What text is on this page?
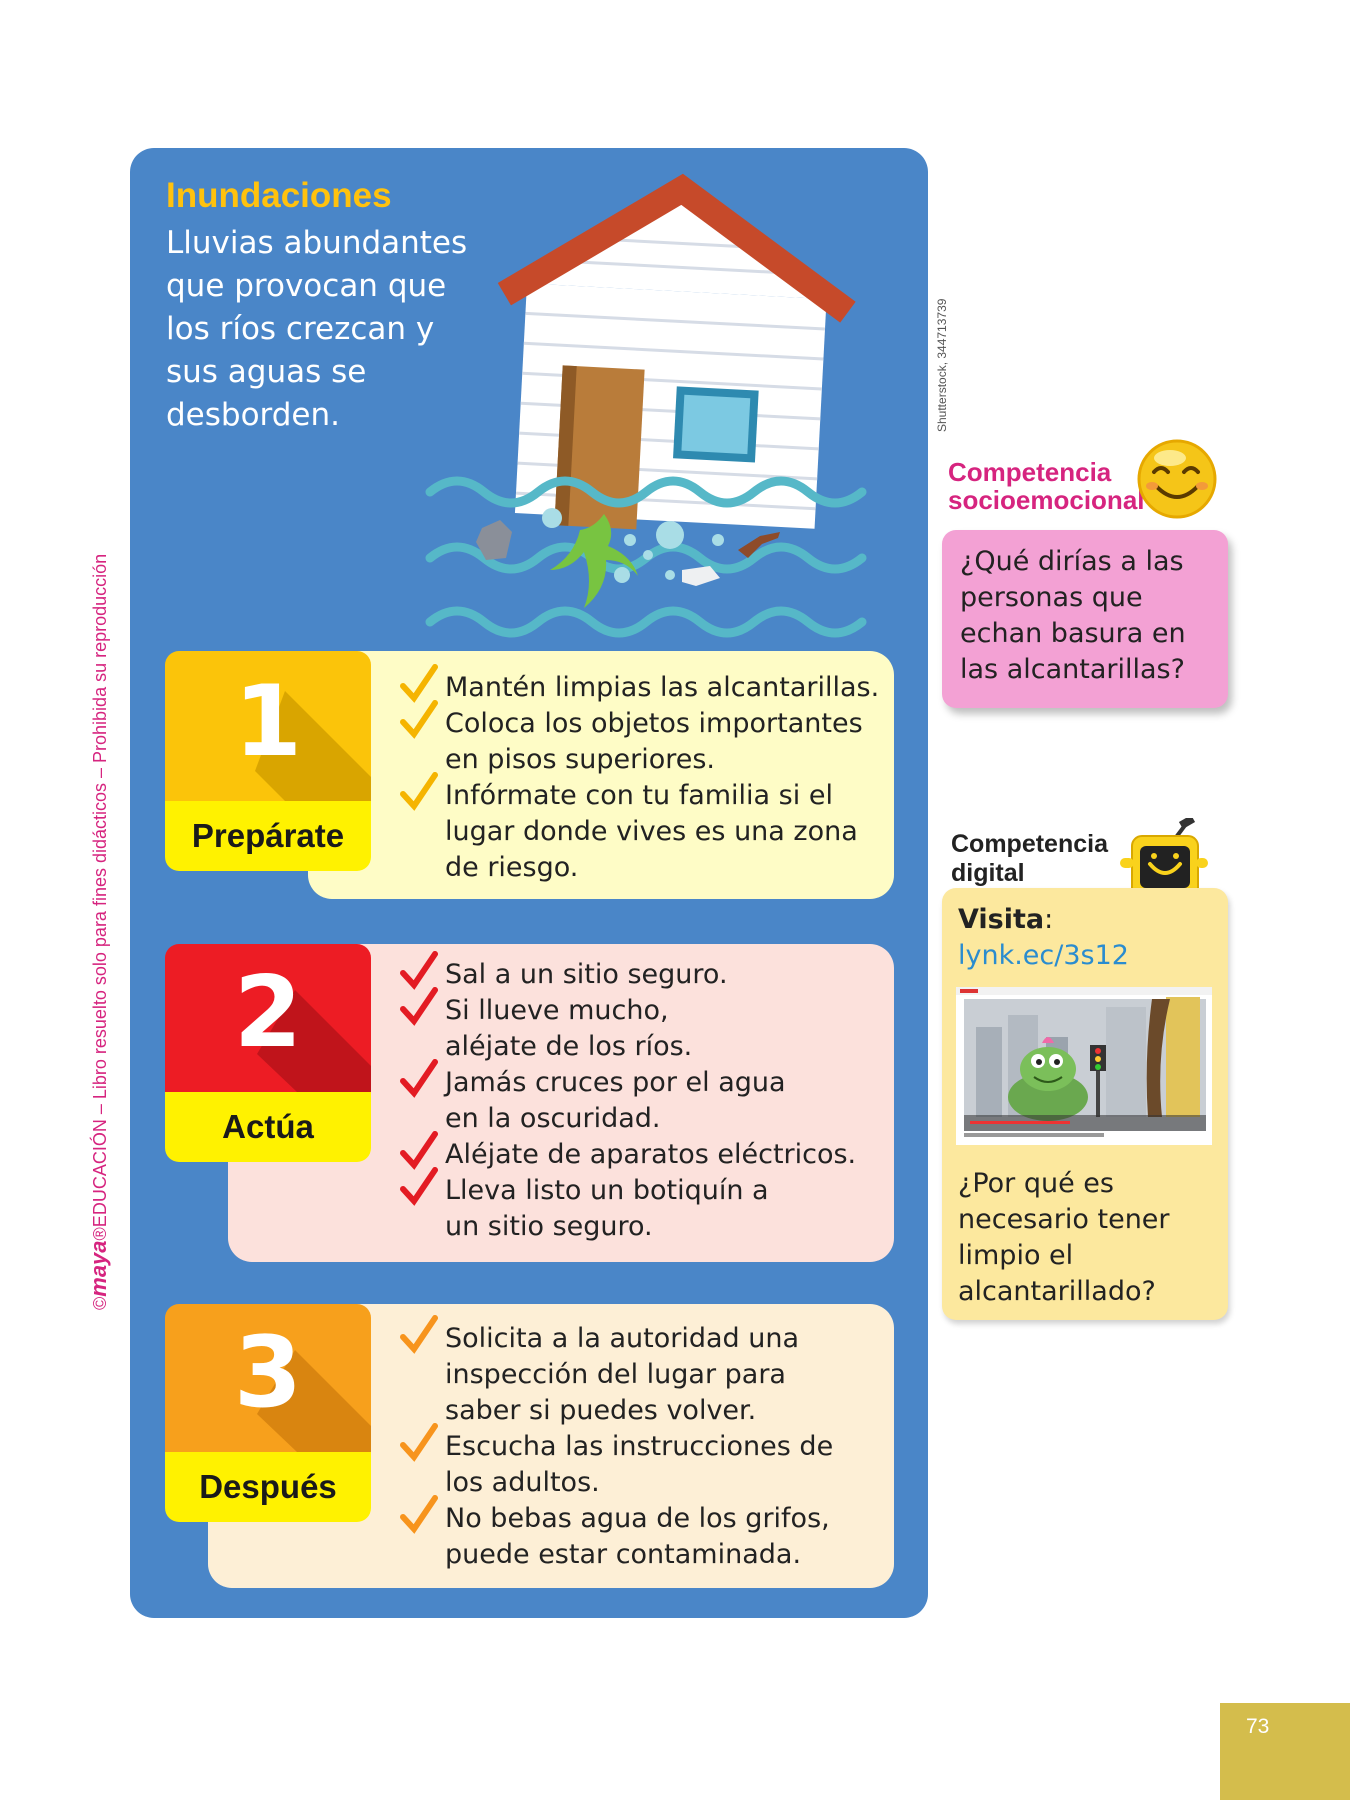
©maya®EDUCACIÓN – Libro resuelto solo para fines didácticos – Prohibida su reproducción
Inundaciones
Lluvias abundantes que provocan que los ríos crezcan y sus aguas se desborden.	Shutterstock, 344713739
1
Prepárate
Mantén limpias las alcantarillas.
Coloca los objetos importantes en pisos superiores.
Infórmate con tu familia si el lugar donde vives es una zona de riesgo.
2
Actúa
Sal a un sitio seguro.
Si llueve mucho, aléjate de los ríos.
Jamás cruces por el agua en la oscuridad.
Aléjate de aparatos eléctricos.
Lleva listo un botiquín a un sitio seguro.
3
Después
Solicita a la autoridad una inspección del lugar para saber si puedes volver.
Escucha las instrucciones de los adultos.
No bebas agua de los grifos, puede estar contaminada.
Competencia
socioemocional
¿Qué dirías a las personas que echan basura en las alcantarillas?
Competencia
digital
Visita:
lynk.ec/3s12
¿Por qué es necesario tener limpio el alcantarillado?
73
